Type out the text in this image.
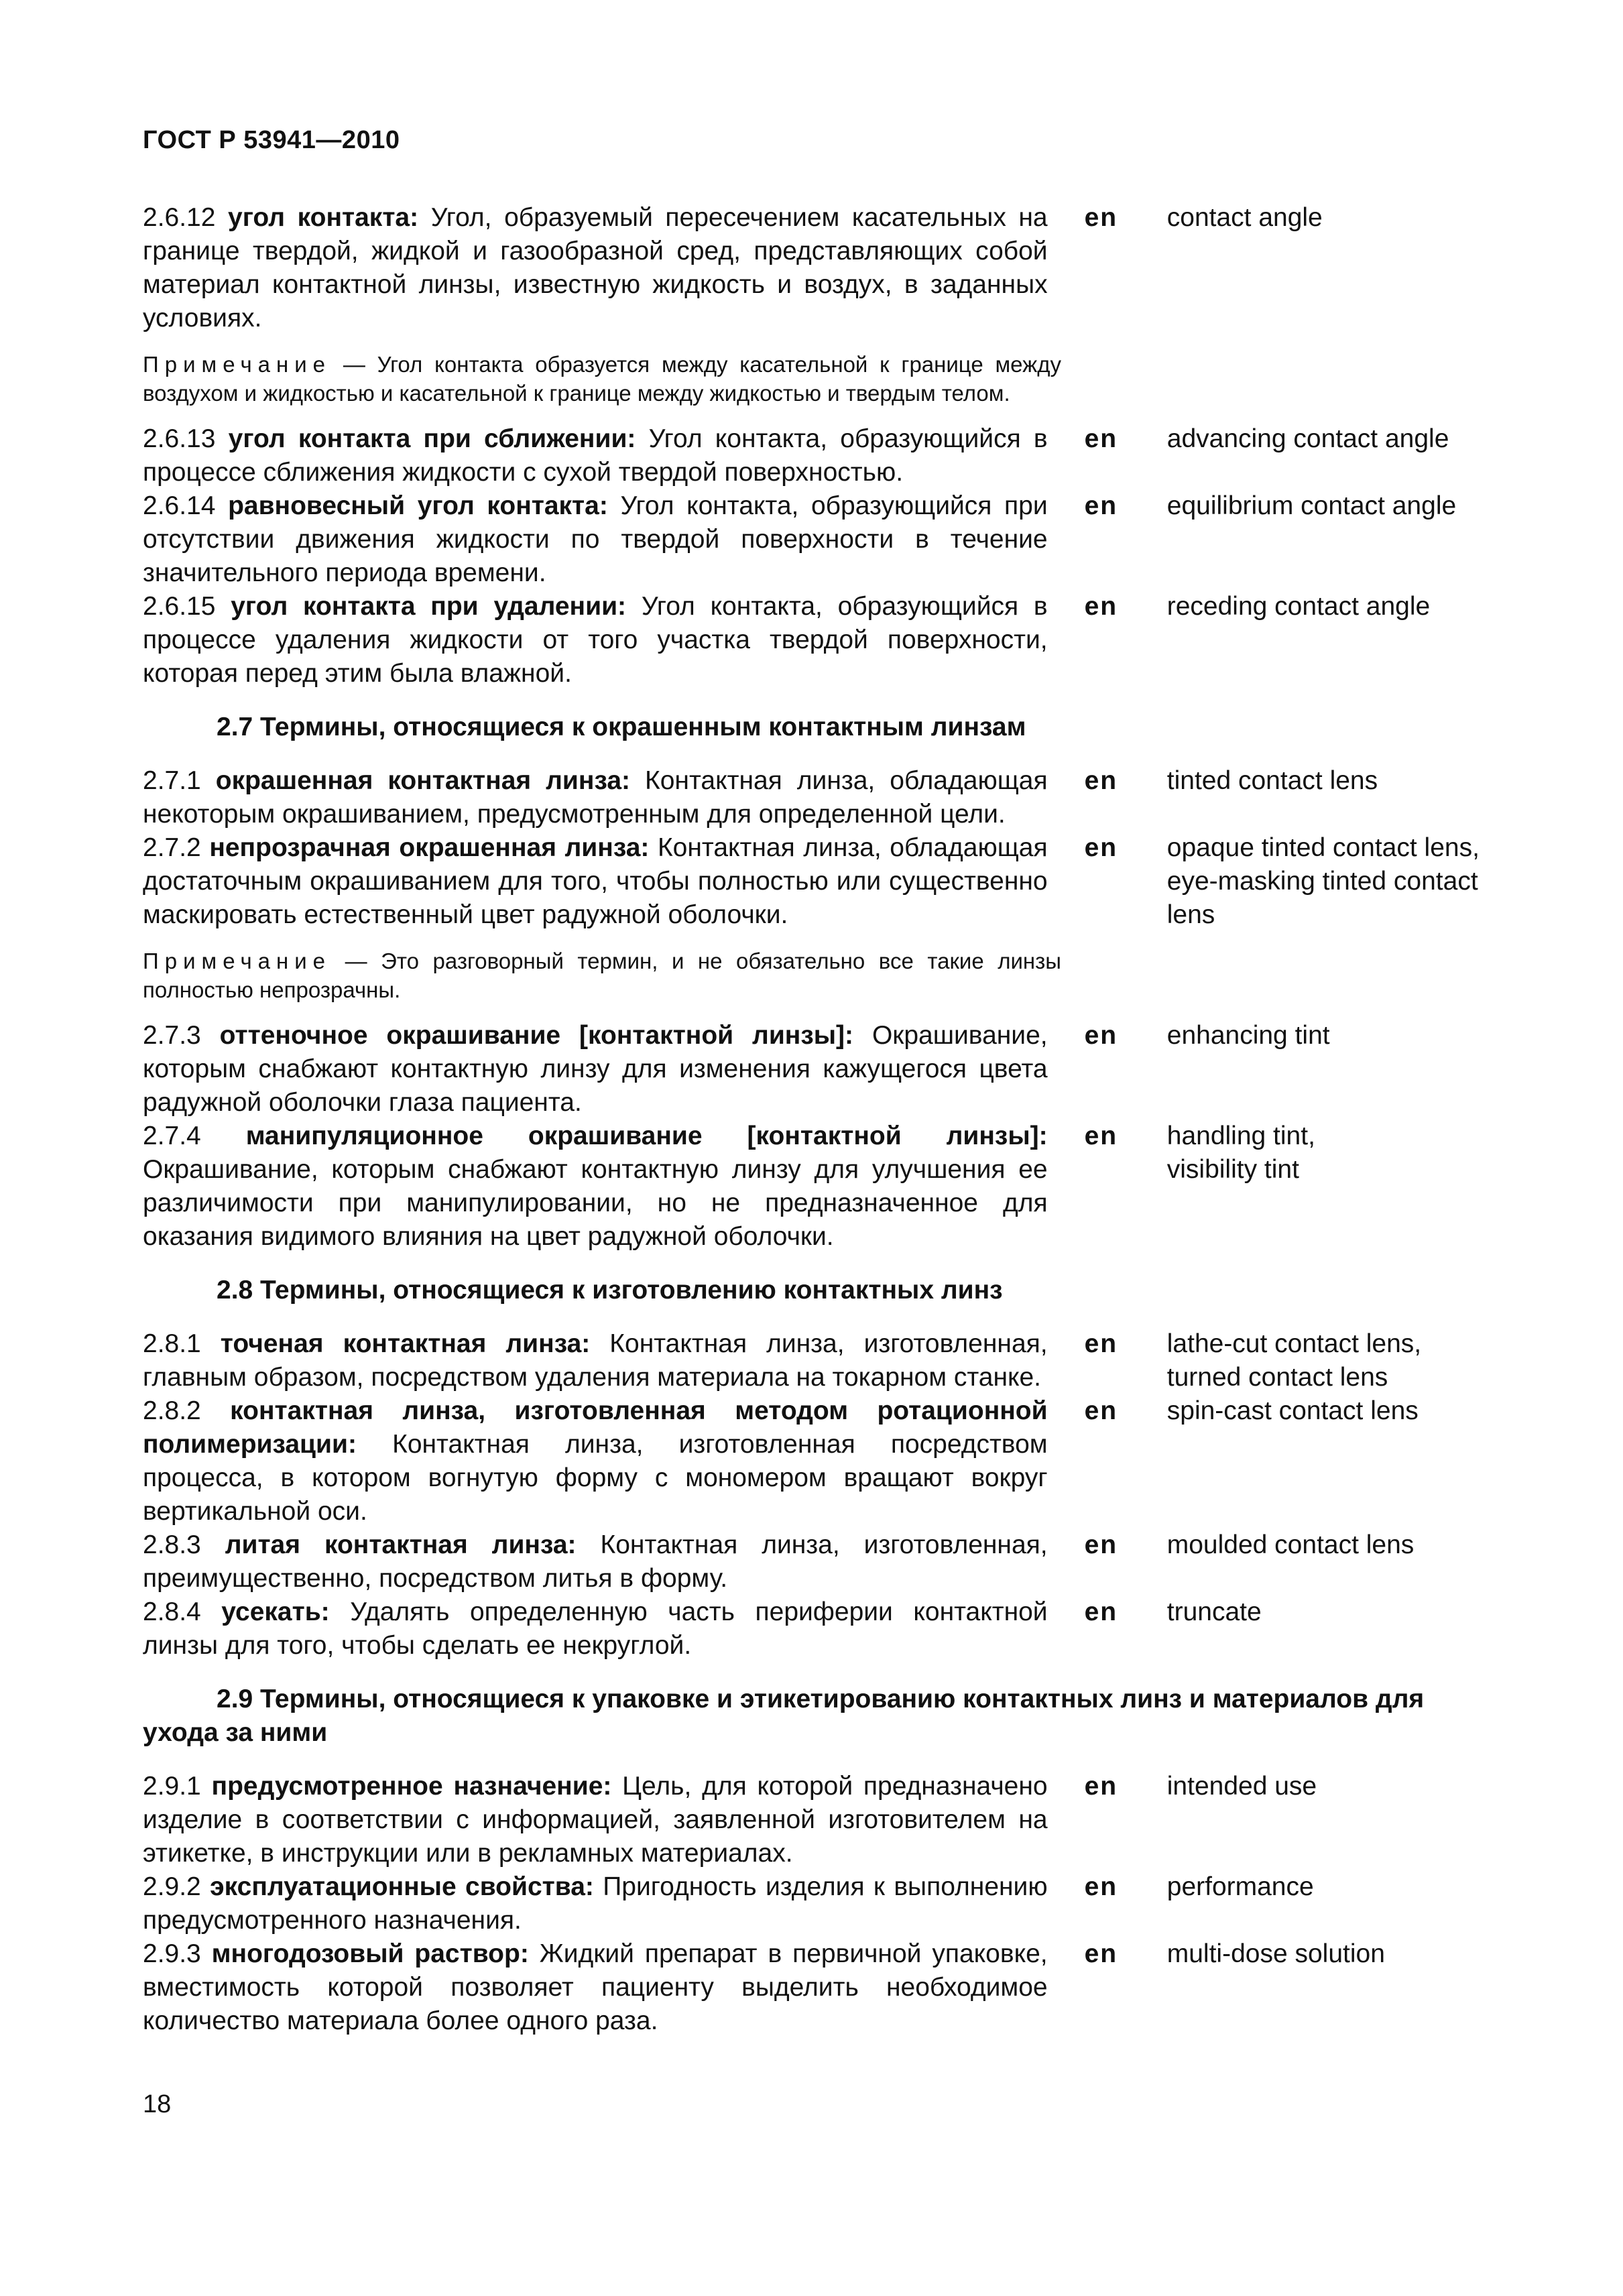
ГОСТ Р 53941—2010
2.6.12 угол контакта: Угол, образуемый пересечением касательных на границе твердой, жидкой и газообразной сред, представляющих собой материал контактной линзы, известную жидкость и воздух, в заданных условиях.
en	contact angle
Примечание — Угол контакта образуется между касательной к границе между воздухом и жидкостью и касательной к границе между жидкостью и твердым телом.
2.6.13 угол контакта при сближении: Угол контакта, образующийся в процессе сближения жидкости с сухой твердой поверхностью.
en	advancing contact angle
2.6.14 равновесный угол контакта: Угол контакта, образующийся при отсутствии движения жидкости по твердой поверхности в течение значительного периода времени.
en	equilibrium contact angle
2.6.15 угол контакта при удалении: Угол контакта, образующийся в процессе удаления жидкости от того участка твердой поверхности, которая перед этим была влажной.
en	receding contact angle
2.7 Термины, относящиеся к окрашенным контактным линзам
2.7.1 окрашенная контактная линза: Контактная линза, обладающая некоторым окрашиванием, предусмотренным для определенной цели.
en	tinted contact lens
2.7.2 непрозрачная окрашенная линза: Контактная линза, обладающая достаточным окрашиванием для того, чтобы полностью или существенно маскировать естественный цвет радужной оболочки.
en	opaque tinted contact lens,
eye-masking tinted contact
lens
Примечание — Это разговорный термин, и не обязательно все такие линзы полностью непрозрачны.
2.7.3 оттеночное окрашивание [контактной линзы]: Окрашивание, которым снабжают контактную линзу для изменения кажущегося цвета радужной оболочки глаза пациента.
en	enhancing tint
2.7.4 манипуляционное окрашивание [контактной линзы]: Окрашивание, которым снабжают контактную линзу для улучшения ее различимости при манипулировании, но не предназначенное для оказания видимого влияния на цвет радужной оболочки.
en	handling tint,
visibility tint
2.8 Термины, относящиеся к изготовлению контактных линз
2.8.1 точеная контактная линза: Контактная линза, изготовленная, главным образом, посредством удаления материала на токарном станке.
en	lathe-cut contact lens,
turned contact lens
2.8.2 контактная линза, изготовленная методом ротационной полимеризации: Контактная линза, изготовленная посредством процесса, в котором вогнутую форму с мономером вращают вокруг вертикальной оси.
en	spin-cast contact lens
2.8.3 литая контактная линза: Контактная линза, изготовленная, преимущественно, посредством литья в форму.
en	moulded contact lens
2.8.4 усекать: Удалять определенную часть периферии контактной линзы для того, чтобы сделать ее некруглой.
en	truncate
2.9 Термины, относящиеся к упаковке и этикетированию контактных линз и материалов для ухода за ними
2.9.1 предусмотренное назначение: Цель, для которой предназначено изделие в соответствии с информацией, заявленной изготовителем на этикетке, в инструкции или в рекламных материалах.
en	intended use
2.9.2 эксплуатационные свойства: Пригодность изделия к выполнению предусмотренного назначения.
en	performance
2.9.3 многодозовый раствор: Жидкий препарат в первичной упаковке, вместимость которой позволяет пациенту выделить необходимое количество материала более одного раза.
en	multi-dose solution
18
